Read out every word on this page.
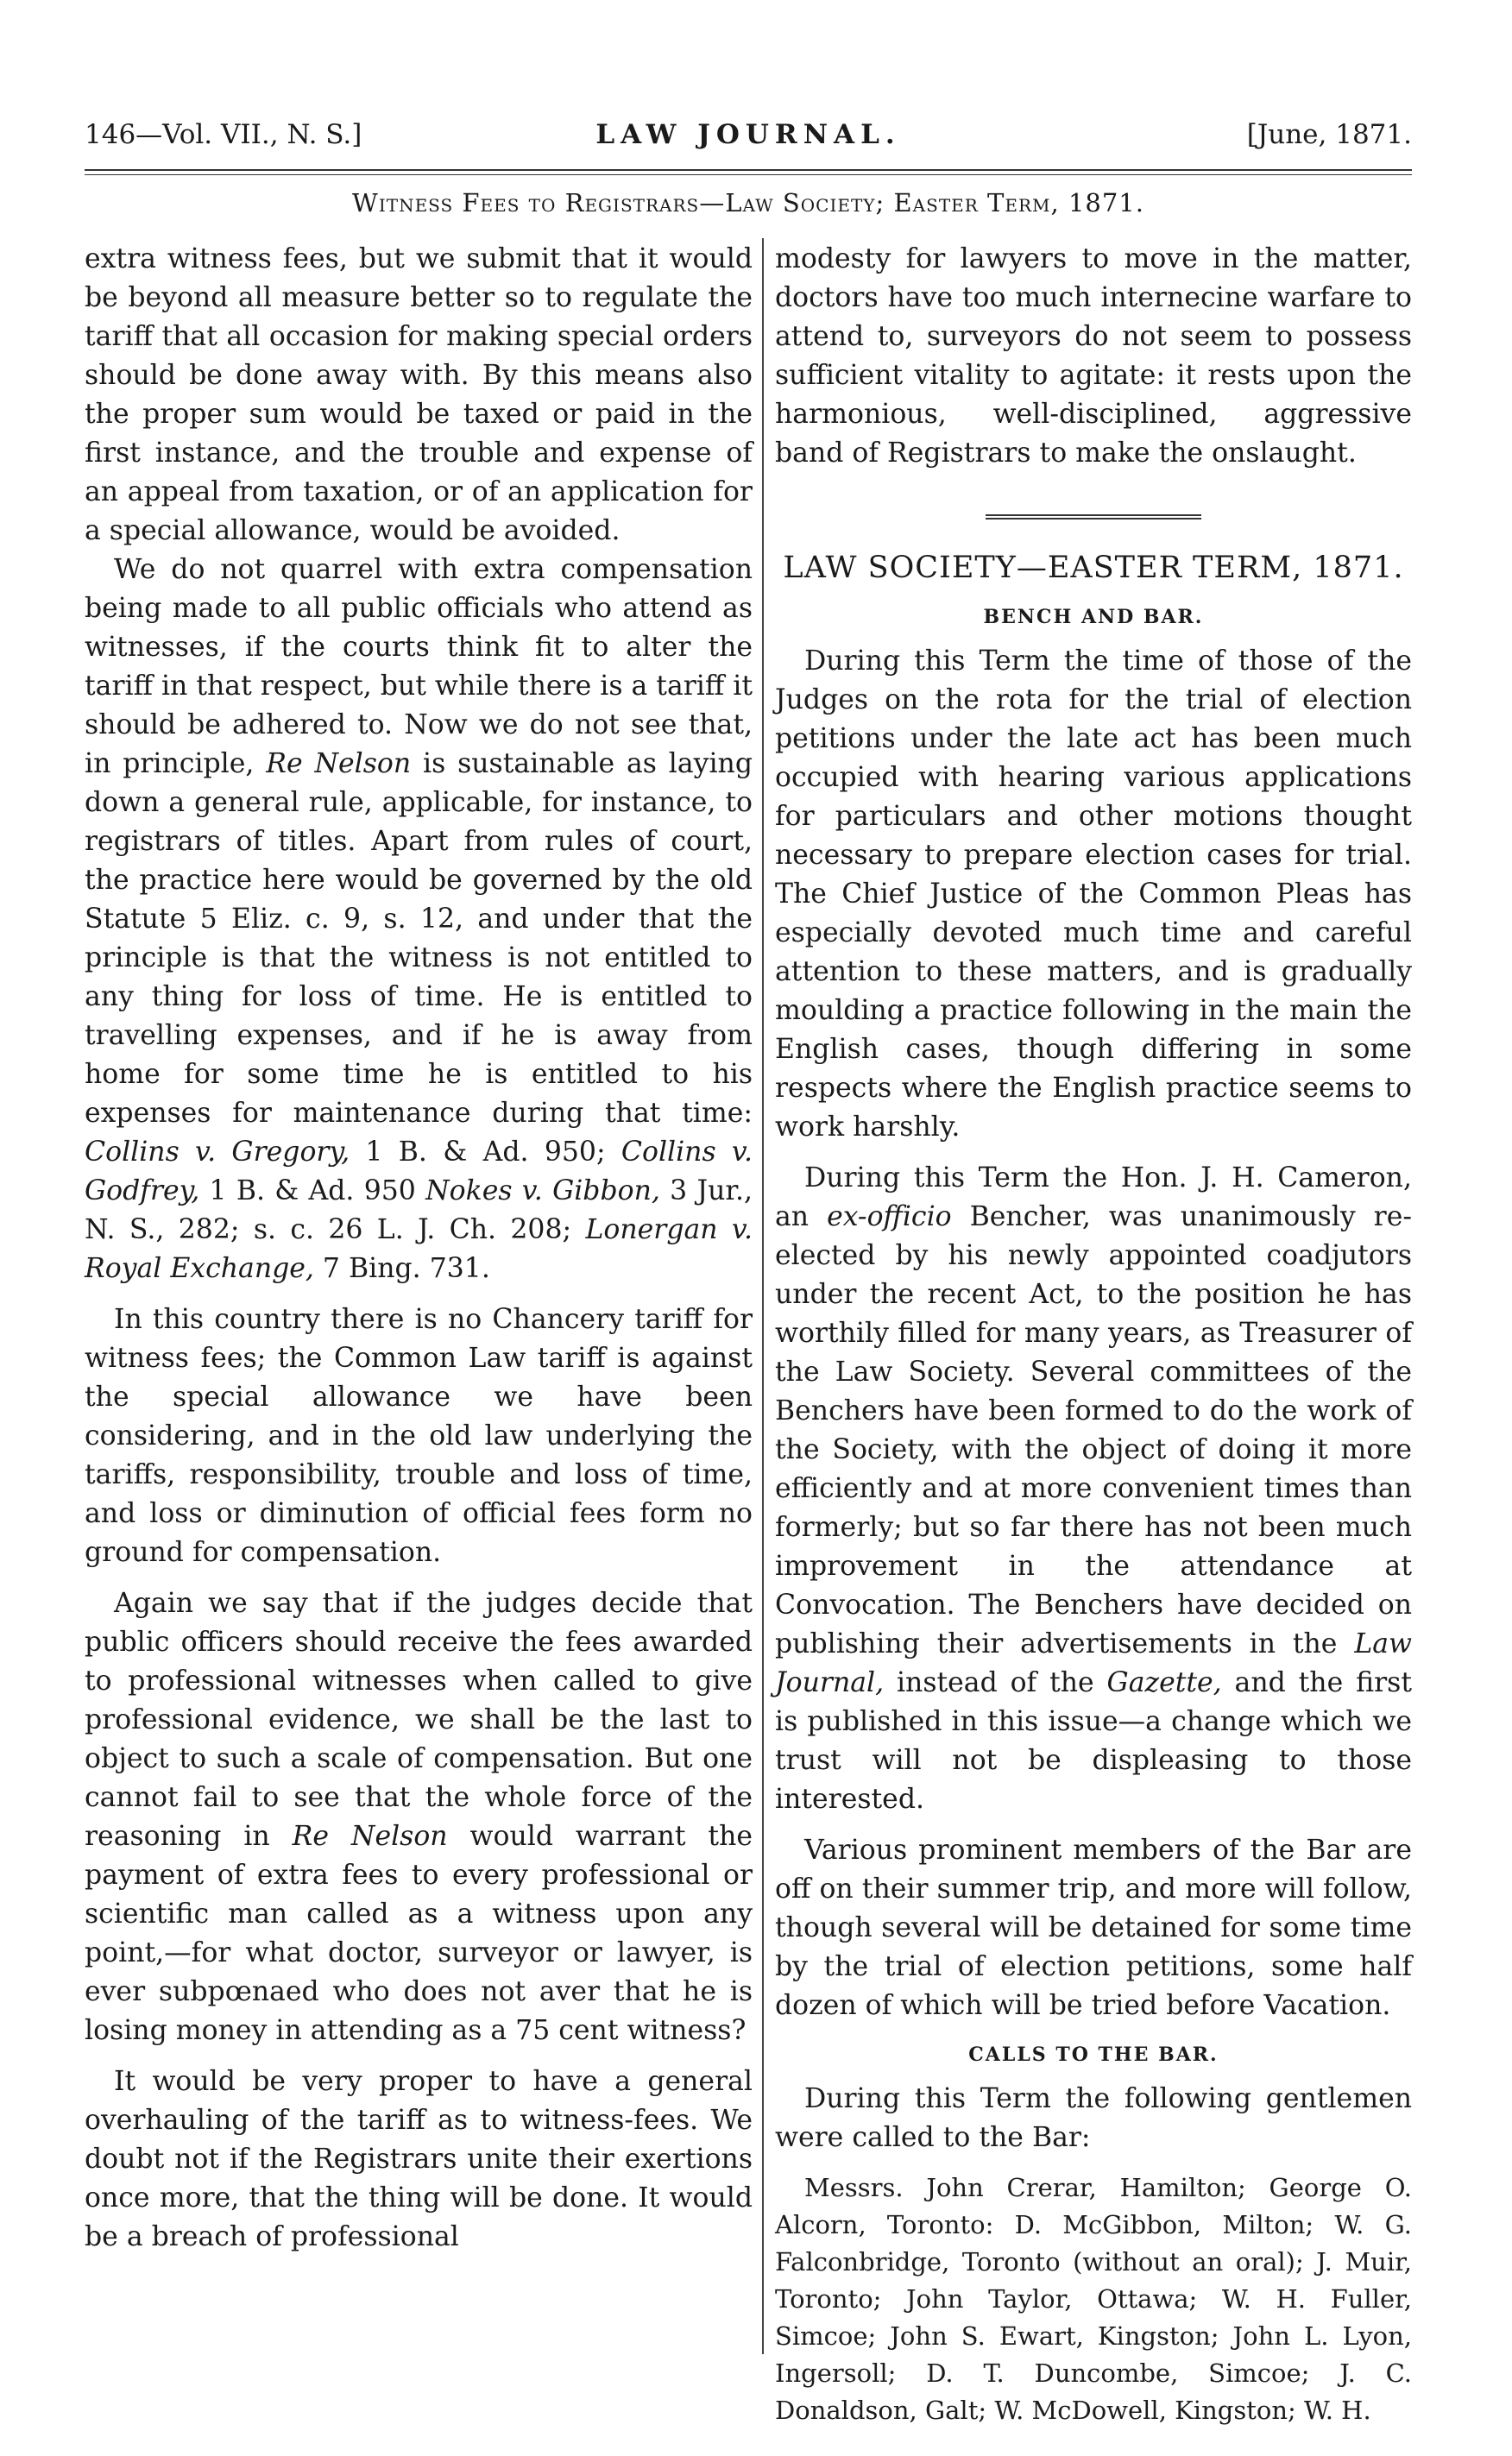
146—Vol. VII., N. S.]	LAW JOURNAL.	[June, 1871.
Witness Fees to Registrars—Law Society; Easter Term, 1871.

extra witness fees, but we submit that it would be beyond all measure better so to regulate the tariff that all occasion for making special orders should be done away with. By this means also the proper sum would be taxed or paid in the first instance, and the trouble and expense of an appeal from taxation, or of an application for a special allowance, would be avoided.

We do not quarrel with extra compensation being made to all public officials who attend as witnesses, if the courts think fit to alter the tariff in that respect, but while there is a tariff it should be adhered to. Now we do not see that, in principle, Re Nelson is sustainable as laying down a general rule, applicable, for instance, to registrars of titles. Apart from rules of court, the practice here would be governed by the old Statute 5 Eliz. c. 9, s. 12, and under that the principle is that the witness is not entitled to any thing for loss of time. He is entitled to travelling expenses, and if he is away from home for some time he is entitled to his expenses for maintenance during that time: Collins v. Gregory, 1 B. & Ad. 950; Collins v. Godfrey, 1 B. & Ad. 950 Nokes v. Gibbon, 3 Jur., N. S., 282; s. c. 26 L. J. Ch. 208; Lonergan v. Royal Exchange, 7 Bing. 731.

In this country there is no Chancery tariff for witness fees; the Common Law tariff is against the special allowance we have been considering, and in the old law underlying the tariffs, responsibility, trouble and loss of time, and loss or diminution of official fees form no ground for compensation.

Again we say that if the judges decide that public officers should receive the fees awarded to professional witnesses when called to give professional evidence, we shall be the last to object to such a scale of compensation. But one cannot fail to see that the whole force of the reasoning in Re Nelson would warrant the payment of extra fees to every professional or scientific man called as a witness upon any point,—for what doctor, surveyor or lawyer, is ever subpœnaed who does not aver that he is losing money in attending as a 75 cent witness?

It would be very proper to have a general overhauling of the tariff as to witness-fees. We doubt not if the Registrars unite their exertions once more, that the thing will be done. It would be a breach of professional

modesty for lawyers to move in the matter, doctors have too much internecine warfare to attend to, surveyors do not seem to possess sufficient vitality to agitate: it rests upon the harmonious, well-disciplined, aggressive band of Registrars to make the onslaught.

LAW SOCIETY—EASTER TERM, 1871.
BENCH AND BAR.

During this Term the time of those of the Judges on the rota for the trial of election petitions under the late act has been much occupied with hearing various applications for particulars and other motions thought necessary to prepare election cases for trial. The Chief Justice of the Common Pleas has especially devoted much time and careful attention to these matters, and is gradually moulding a practice following in the main the English cases, though differing in some respects where the English practice seems to work harshly.

During this Term the Hon. J. H. Cameron, an ex-officio Bencher, was unanimously re-elected by his newly appointed coadjutors under the recent Act, to the position he has worthily filled for many years, as Treasurer of the Law Society. Several committees of the Benchers have been formed to do the work of the Society, with the object of doing it more efficiently and at more convenient times than formerly; but so far there has not been much improvement in the attendance at Convocation. The Benchers have decided on publishing their advertisements in the Law Journal, instead of the Gazette, and the first is published in this issue—a change which we trust will not be displeasing to those interested.

Various prominent members of the Bar are off on their summer trip, and more will follow, though several will be detained for some time by the trial of election petitions, some half dozen of which will be tried before Vacation.

CALLS TO THE BAR.

During this Term the following gentlemen were called to the Bar:

Messrs. John Crerar, Hamilton; George O. Alcorn, Toronto: D. McGibbon, Milton; W. G. Falconbridge, Toronto (without an oral); J. Muir, Toronto; John Taylor, Ottawa; W. H. Fuller, Simcoe; John S. Ewart, Kingston; John L. Lyon, Ingersoll; D. T. Duncombe, Simcoe; J. C. Donaldson, Galt; W. McDowell, Kingston; W. H.
